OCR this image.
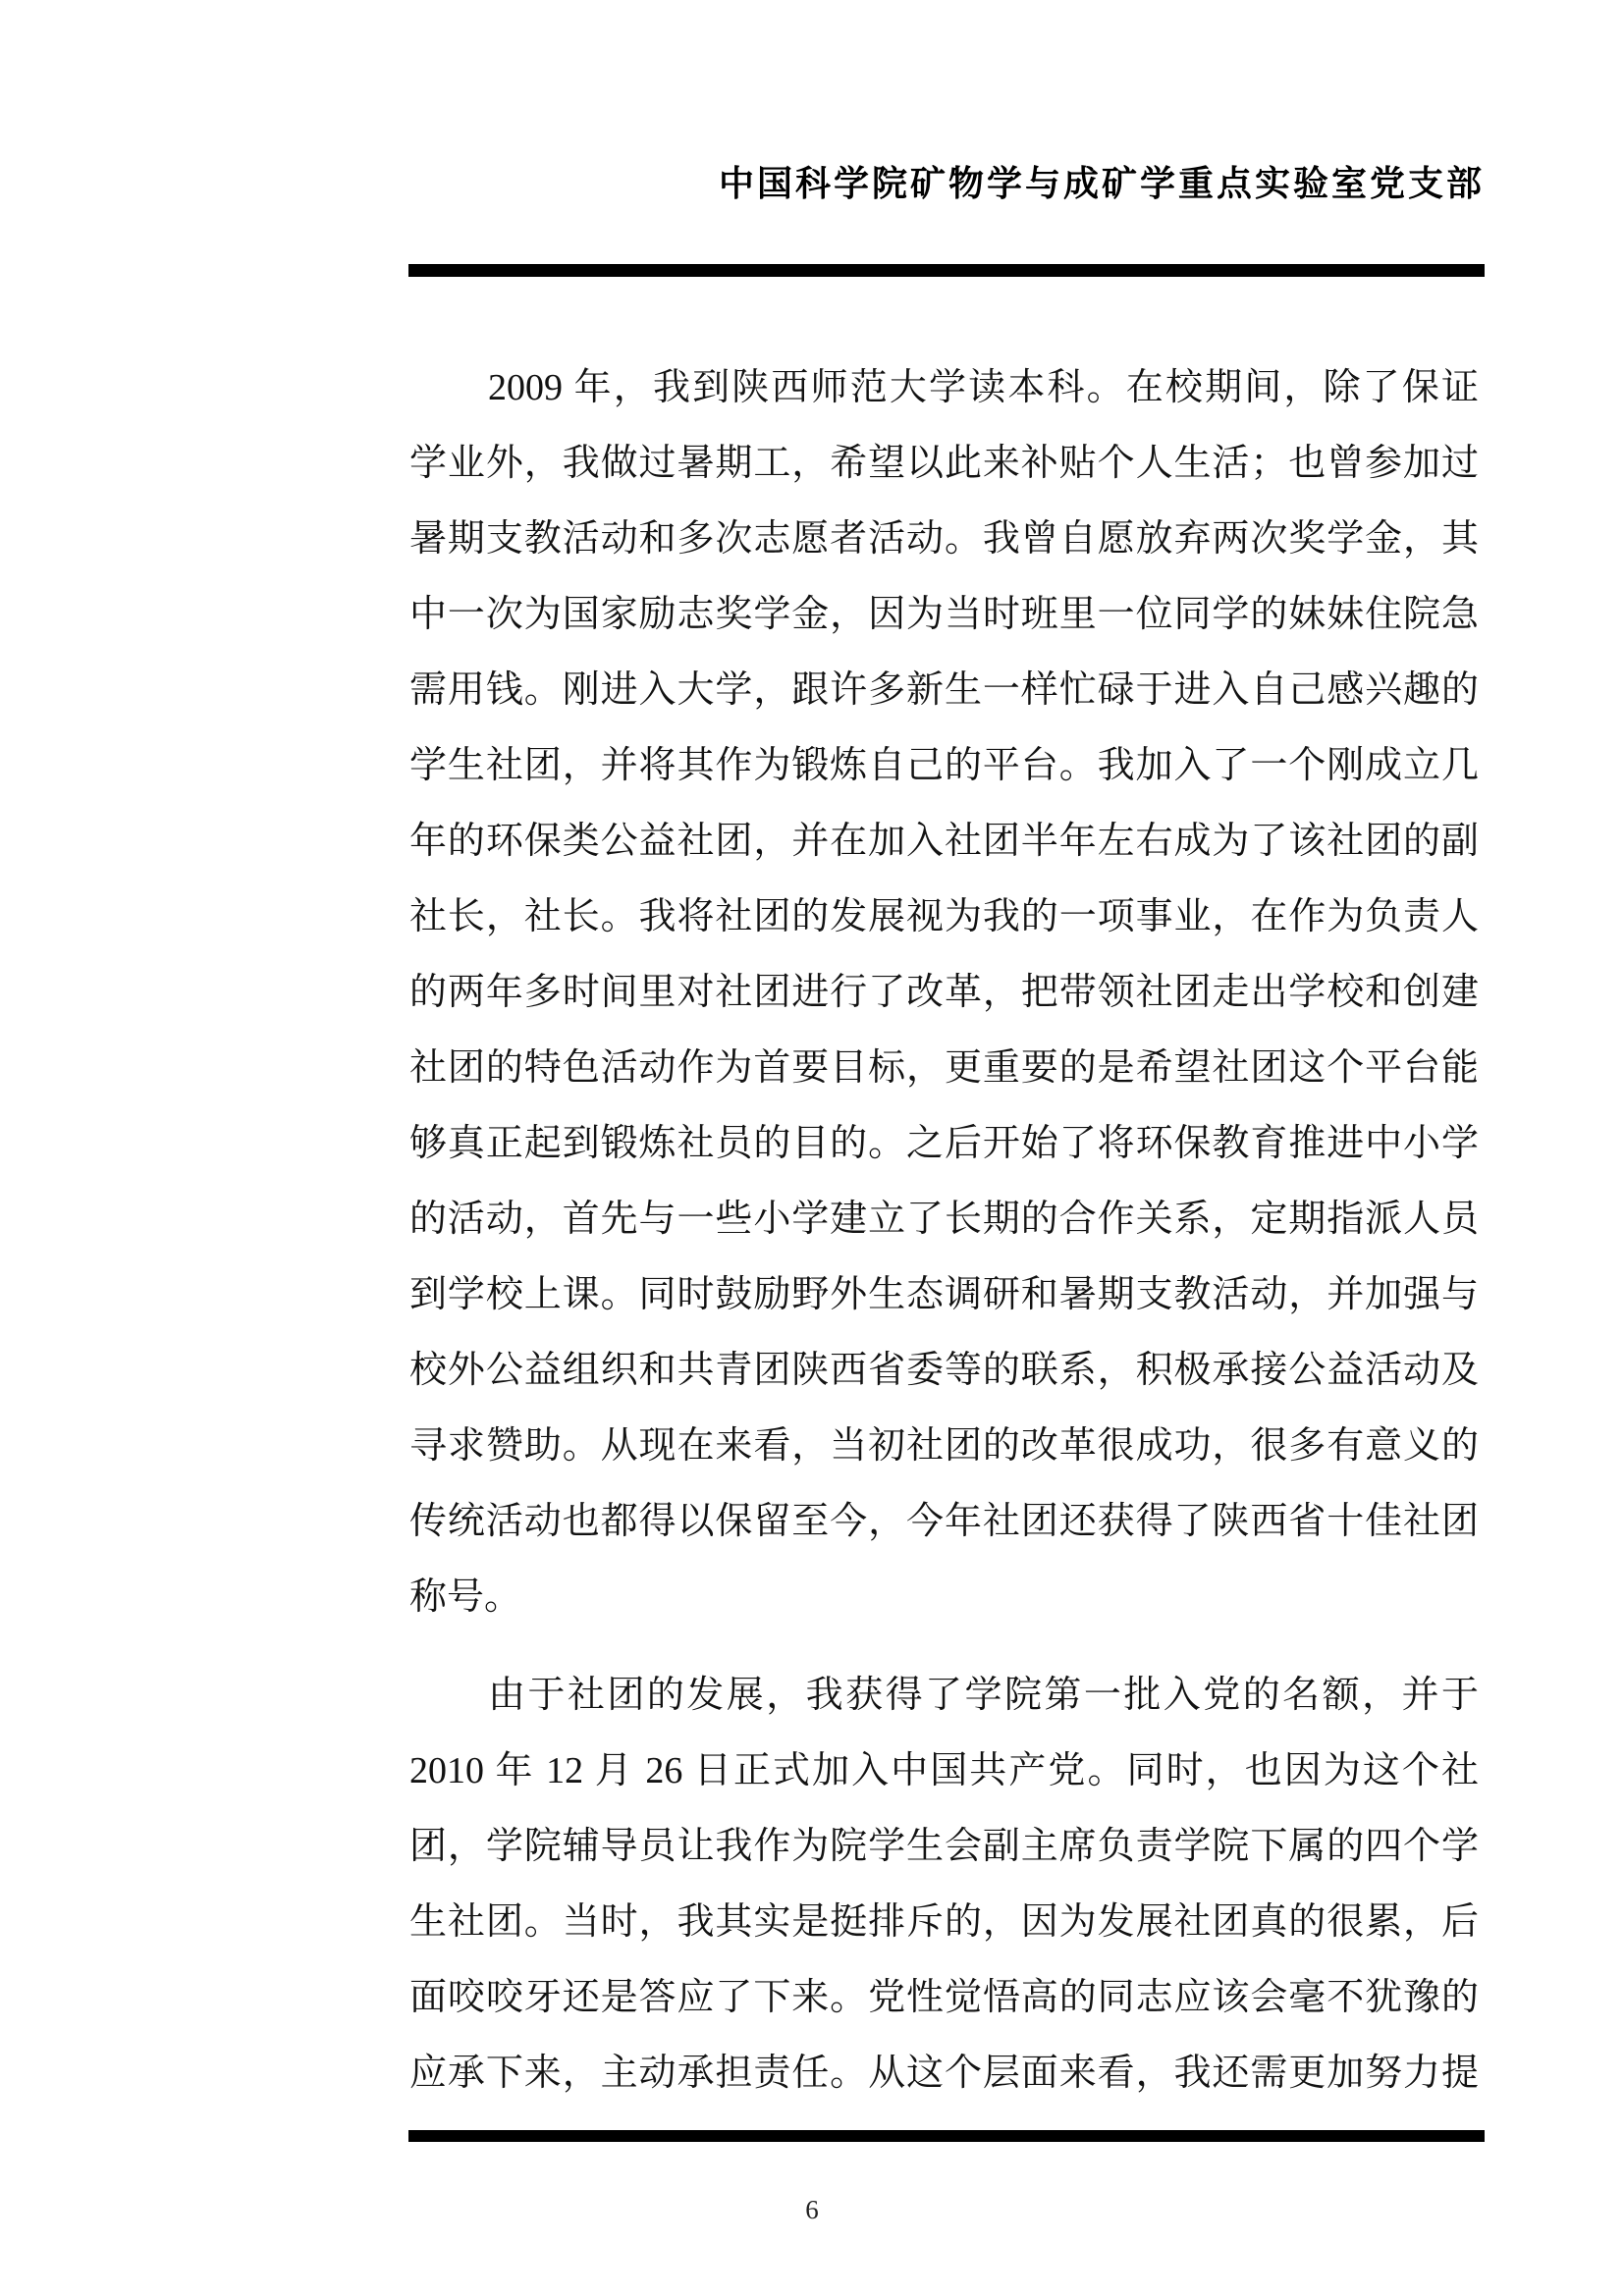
中国科学院矿物学与成矿学重点实验室党支部
2009 年，我到陕西师范大学读本科。在校期间，除了保证
学业外，我做过暑期工，希望以此来补贴个人生活；也曾参加过
暑期支教活动和多次志愿者活动。我曾自愿放弃两次奖学金，其
中一次为国家励志奖学金，因为当时班里一位同学的妹妹住院急
需用钱。刚进入大学，跟许多新生一样忙碌于进入自己感兴趣的
学生社团，并将其作为锻炼自己的平台。我加入了一个刚成立几
年的环保类公益社团，并在加入社团半年左右成为了该社团的副
社长，社长。我将社团的发展视为我的一项事业，在作为负责人
的两年多时间里对社团进行了改革，把带领社团走出学校和创建
社团的特色活动作为首要目标，更重要的是希望社团这个平台能
够真正起到锻炼社员的目的。之后开始了将环保教育推进中小学
的活动，首先与一些小学建立了长期的合作关系，定期指派人员
到学校上课。同时鼓励野外生态调研和暑期支教活动，并加强与
校外公益组织和共青团陕西省委等的联系，积极承接公益活动及
寻求赞助。从现在来看，当初社团的改革很成功，很多有意义的
传统活动也都得以保留至今，今年社团还获得了陕西省十佳社团
称号。
由于社团的发展，我获得了学院第一批入党的名额，并于
2010 年 12 月 26 日正式加入中国共产党。同时，也因为这个社
团，学院辅导员让我作为院学生会副主席负责学院下属的四个学
生社团。当时，我其实是挺排斥的，因为发展社团真的很累，后
面咬咬牙还是答应了下来。党性觉悟高的同志应该会毫不犹豫的
应承下来，主动承担责任。从这个层面来看，我还需更加努力提
6
